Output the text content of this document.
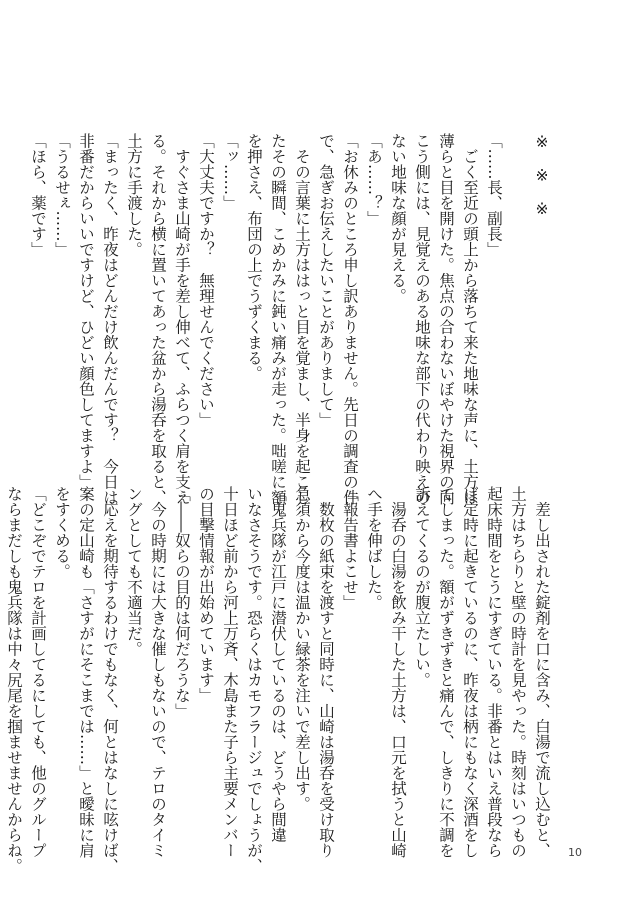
※　※　※

「……長、副長」

　ごく至近の頭上から落ちて来た地味な声に、土方は

薄らと目を開けた。焦点の合わないぼやけた視界の向

こう側には、見覚えのある地味な部下の代わり映えの

ない地味な顔が見える。

「あ……？」

「お休みのところ申し訳ありません。先日の調査の件

で、急ぎお伝えしたいことがありまして」

　その言葉に土方ははっと目を覚まし、半身を起こし

たその瞬間、こめかみに鈍い痛みが走った。咄嗟に額

を押さえ、布団の上でうずくまる。

「ッ……」

「大丈夫ですか？　無理せんでください」

　すぐさま山崎が手を差し伸べて、ふらつく肩を支え

る。それから横に置いてあった盆から湯呑を取ると、

土方に手渡した。

「まったく、昨夜はどんだけ飲んだんです？　今日は

非番だからいいですけど、ひどい顔色してますよ」

「うるせぇ……」

「ほら、薬です」

　差し出された錠剤を口に含み、白湯で流し込むと、

土方はちらりと壁の時計を見やった。時刻はいつもの

起床時間をとうにすぎている。非番とはいえ普段なら

ば定時に起きているのに、昨夜は柄にもなく深酒をし

てしまった。額がずきずきと痛んで、しきりに不調を

訴えてくるのが腹立たしい。

　湯呑の白湯を飲み干した土方は、口元を拭うと山崎

へ手を伸ばした。

「報告書よこせ」

　数枚の紙束を渡すと同時に、山崎は湯呑を受け取り

急須から今度は温かい緑茶を注いで差し出す。

「鬼兵隊が江戸に潜伏しているのは、どうやら間違

いなさそうです。恐らくはカモフラージュでしょうが、

十日ほど前から河上万斉、木島また子ら主要メンバー

の目撃情報が出始めています」

「――奴らの目的は何だろうな」

　今の時期には大きな催しもないので、テロのタイミ

ングとしても不適当だ。

　応えを期待するわけでもなく、何とはなしに呟けば、

案の定山崎も「さすがにそこまでは……」と曖昧に肩

をすくめる。

「どこぞでテロを計画してるにしても、他のグループ

ならまだしも鬼兵隊は中々尻尾を掴ませませんからね。	10
